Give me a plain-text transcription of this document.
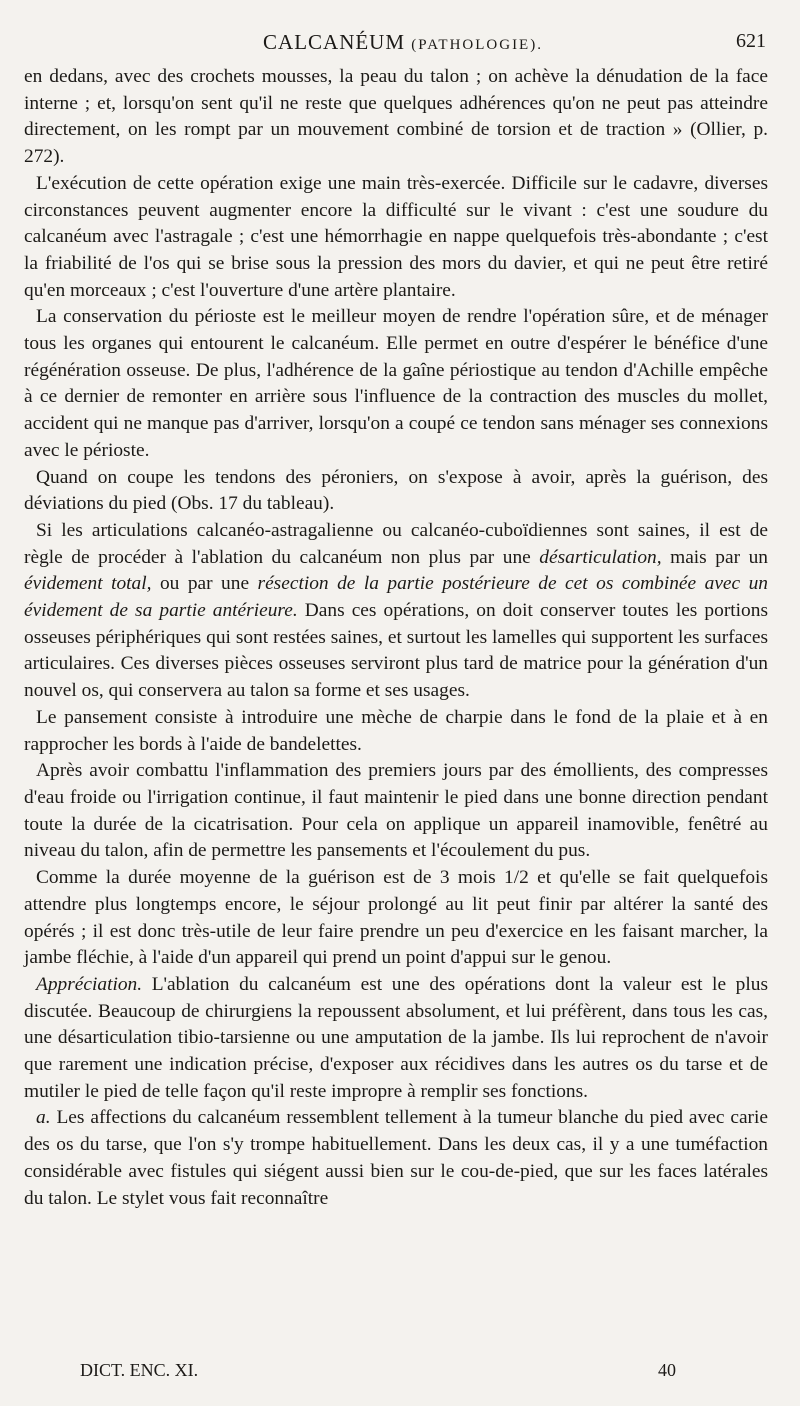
CALCANÉUM (PATHOLOGIE).	621

en dedans, avec des crochets mousses, la peau du talon ; on achève la dénudation de la face interne ; et, lorsqu'on sent qu'il ne reste que quelques adhérences qu'on ne peut pas atteindre directement, on les rompt par un mouvement combiné de torsion et de traction » (Ollier, p. 272).

L'exécution de cette opération exige une main très-exercée. Difficile sur le cadavre, diverses circonstances peuvent augmenter encore la difficulté sur le vivant : c'est une soudure du calcanéum avec l'astragale ; c'est une hémorrhagie en nappe quelquefois très-abondante ; c'est la friabilité de l'os qui se brise sous la pression des mors du davier, et qui ne peut être retiré qu'en morceaux ; c'est l'ouverture d'une artère plantaire.

La conservation du périoste est le meilleur moyen de rendre l'opération sûre, et de ménager tous les organes qui entourent le calcanéum. Elle permet en outre d'espérer le bénéfice d'une régénération osseuse. De plus, l'adhérence de la gaîne périostique au tendon d'Achille empêche à ce dernier de remonter en arrière sous l'influence de la contraction des muscles du mollet, accident qui ne manque pas d'arriver, lorsqu'on a coupé ce tendon sans ménager ses connexions avec le périoste.

Quand on coupe les tendons des péroniers, on s'expose à avoir, après la guérison, des déviations du pied (Obs. 17 du tableau).

Si les articulations calcanéo-astragalienne ou calcanéo-cuboïdiennes sont saines, il est de règle de procéder à l'ablation du calcanéum non plus par une désarticulation, mais par un évidement total, ou par une résection de la partie postérieure de cet os combinée avec un évidement de sa partie antérieure. Dans ces opérations, on doit conserver toutes les portions osseuses périphériques qui sont restées saines, et surtout les lamelles qui supportent les surfaces articulaires. Ces diverses pièces osseuses serviront plus tard de matrice pour la génération d'un nouvel os, qui conservera au talon sa forme et ses usages.

Le pansement consiste à introduire une mèche de charpie dans le fond de la plaie et à en rapprocher les bords à l'aide de bandelettes.

Après avoir combattu l'inflammation des premiers jours par des émollients, des compresses d'eau froide ou l'irrigation continue, il faut maintenir le pied dans une bonne direction pendant toute la durée de la cicatrisation. Pour cela on applique un appareil inamovible, fenêtré au niveau du talon, afin de permettre les pansements et l'écoulement du pus.

Comme la durée moyenne de la guérison est de 3 mois 1/2 et qu'elle se fait quelquefois attendre plus longtemps encore, le séjour prolongé au lit peut finir par altérer la santé des opérés ; il est donc très-utile de leur faire prendre un peu d'exercice en les faisant marcher, la jambe fléchie, à l'aide d'un appareil qui prend un point d'appui sur le genou.

Appréciation. L'ablation du calcanéum est une des opérations dont la valeur est le plus discutée. Beaucoup de chirurgiens la repoussent absolument, et lui préfèrent, dans tous les cas, une désarticulation tibio-tarsienne ou une amputation de la jambe. Ils lui reprochent de n'avoir que rarement une indication précise, d'exposer aux récidives dans les autres os du tarse et de mutiler le pied de telle façon qu'il reste impropre à remplir ses fonctions.

a. Les affections du calcanéum ressemblent tellement à la tumeur blanche du pied avec carie des os du tarse, que l'on s'y trompe habituellement. Dans les deux cas, il y a une tuméfaction considérable avec fistules qui siégent aussi bien sur le cou-de-pied, que sur les faces latérales du talon. Le stylet vous fait reconnaître

DICT. ENC. XI.	40
